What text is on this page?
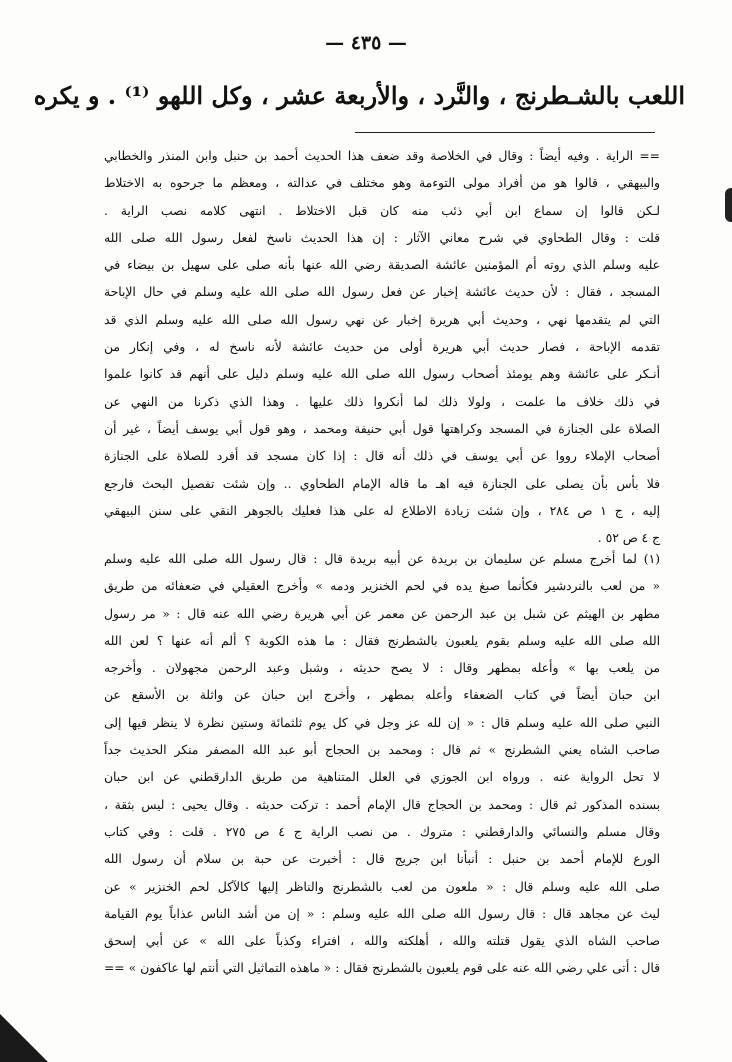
— ٤٣٥ —
اللعب بالشـطرنج ، والنَّرد ، والأربعة عشر ، وكل اللهو ⁽¹⁾ . و يكره
== الراية . وفيه أيضاً : وقال في الخلاصة وقد ضعف هذا الحديث أحمد بن حنبل وابن المنذر والخطابي
والبيهقي ، قالوا هو من أفراد مولى التوءمة وهو مختلف في عدالته ، ومعظم ما جرحوه به الاختلاط
لـكن قالوا إن سماع ابن أبي ذئب منه كان قبل الاختلاط . انتهى كلامه نصب الراية .
قلت : وقال الطحاوي في شرح معاني الآثار : إن هذا الحديث ناسخ لفعل رسول الله صلى الله
عليه وسلم الذي روته أم المؤمنين عائشة الصديقة رضي الله عنها بأنه صلى على سهيل بن بيضاء في
المسجد ، فقال : لأن حديث عائشة إخبار عن فعل رسول الله صلى الله عليه وسلم في حال الإباحة
التي لم يتقدمها نهي ، وحديث أبي هريرة إخبار عن نهي رسول الله صلى الله عليه وسلم الذي قد
تقدمه الإباحة ، فصار حديث أبي هريرة أولى من حديث عائشة لأنه ناسخ له ، وفي إنكار من
أنـكر على عائشة وهم يومئذ أصحاب رسول الله صلى الله عليه وسلم دليل على أنهم قد كانوا علموا
في ذلك خلاف ما علمت ، ولولا ذلك لما أنكروا ذلك عليها . وهذا الذي ذكرنا من النهي عن
الصلاة على الجنازة في المسجد وكراهتها قول أبي حنيفة ومحمد ، وهو قول أبي يوسف أيضاً ، غير أن
أصحاب الإملاء رووا عن أبي يوسف في ذلك أنه قال : إذا كان مسجد قد أفرد للصلاة على الجنازة
فلا بأس بأن يصلى على الجنازة فيه اهـ ما قاله الإمام الطحاوي .. وإن شئت تفصيل البحث فارجع
إليه ، ج ١ ص ٢٨٤ ، وإن شئت زيادة الاطلاع له على هذا فعليك بالجوهر النقي على سنن البيهقي
ج ٤ ص ٥٢ .
(١) لما أخرج مسلم عن سليمان بن بريدة عن أبيه بريدة قال : قال رسول الله صلى الله عليه وسلم
« من لعب بالنردشير فكأنما صبغ يده في لحم الخنزير ودمه » وأخرج العقيلي في ضعفائه من طريق
مطهر بن الهيثم عن شبل بن عبد الرحمن عن معمر عن أبي هريرة رضي الله عنه قال : « مر رسول
الله صلى الله عليه وسلم بقوم يلعبون بالشطرنج فقال : ما هذه الكوبة ؟ ألم أنه عنها ؟ لعن الله
من يلعب بها » وأعله بمطهر وقال : لا يصح حديثه ، وشبل وعبد الرحمن مجهولان . وأخرجه
ابن حبان أيضاً في كتاب الضعفاء وأعله بمطهر ، وأخرج ابن حبان عن واثلة بن الأسقع عن
النبي صلى الله عليه وسلم قال : « إن لله عز وجل في كل يوم ثلثمائة وستين نظرة لا ينظر فيها إلى
صاحب الشاه يعني الشطرنج » ثم قال : ومحمد بن الحجاج أبو عبد الله المصفر منكر الحديث جداً
لا تحل الرواية عنه . ورواه ابن الجوزي في العلل المتناهية من طريق الدارقطني عن ابن حبان
بسنده المذكور ثم قال : ومحمد بن الحجاج قال الإمام أحمد : تركت حديثه . وقال يحيى : ليس بثقة ،
وقال مسلم والنسائي والدارقطني : متروك . من نصب الراية ج ٤ ص ٢٧٥ . قلت : وفي كتاب
الورع للإمام أحمد بن حنبل : أنبأنا ابن جريج قال : أخبرت عن حبة بن سلام أن رسول الله
صلى الله عليه وسلم قال : « ملعون من لعب بالشطرنج والناظر إليها كالآكل لحم الخنزير » عن
ليث عن مجاهد قال : قال رسول الله صلى الله عليه وسلم : « إن من أشد الناس عذاباً يوم القيامة
صاحب الشاه الذي يقول قتلته والله ، أهلكته والله ، افتراء وكذباً على الله » عن أبي إسحق
قال : أتى علي رضي الله عنه على قوم يلعبون بالشطرنج فقال : « ماهذه التماثيل التي أنتم لها عاكفون » ==
